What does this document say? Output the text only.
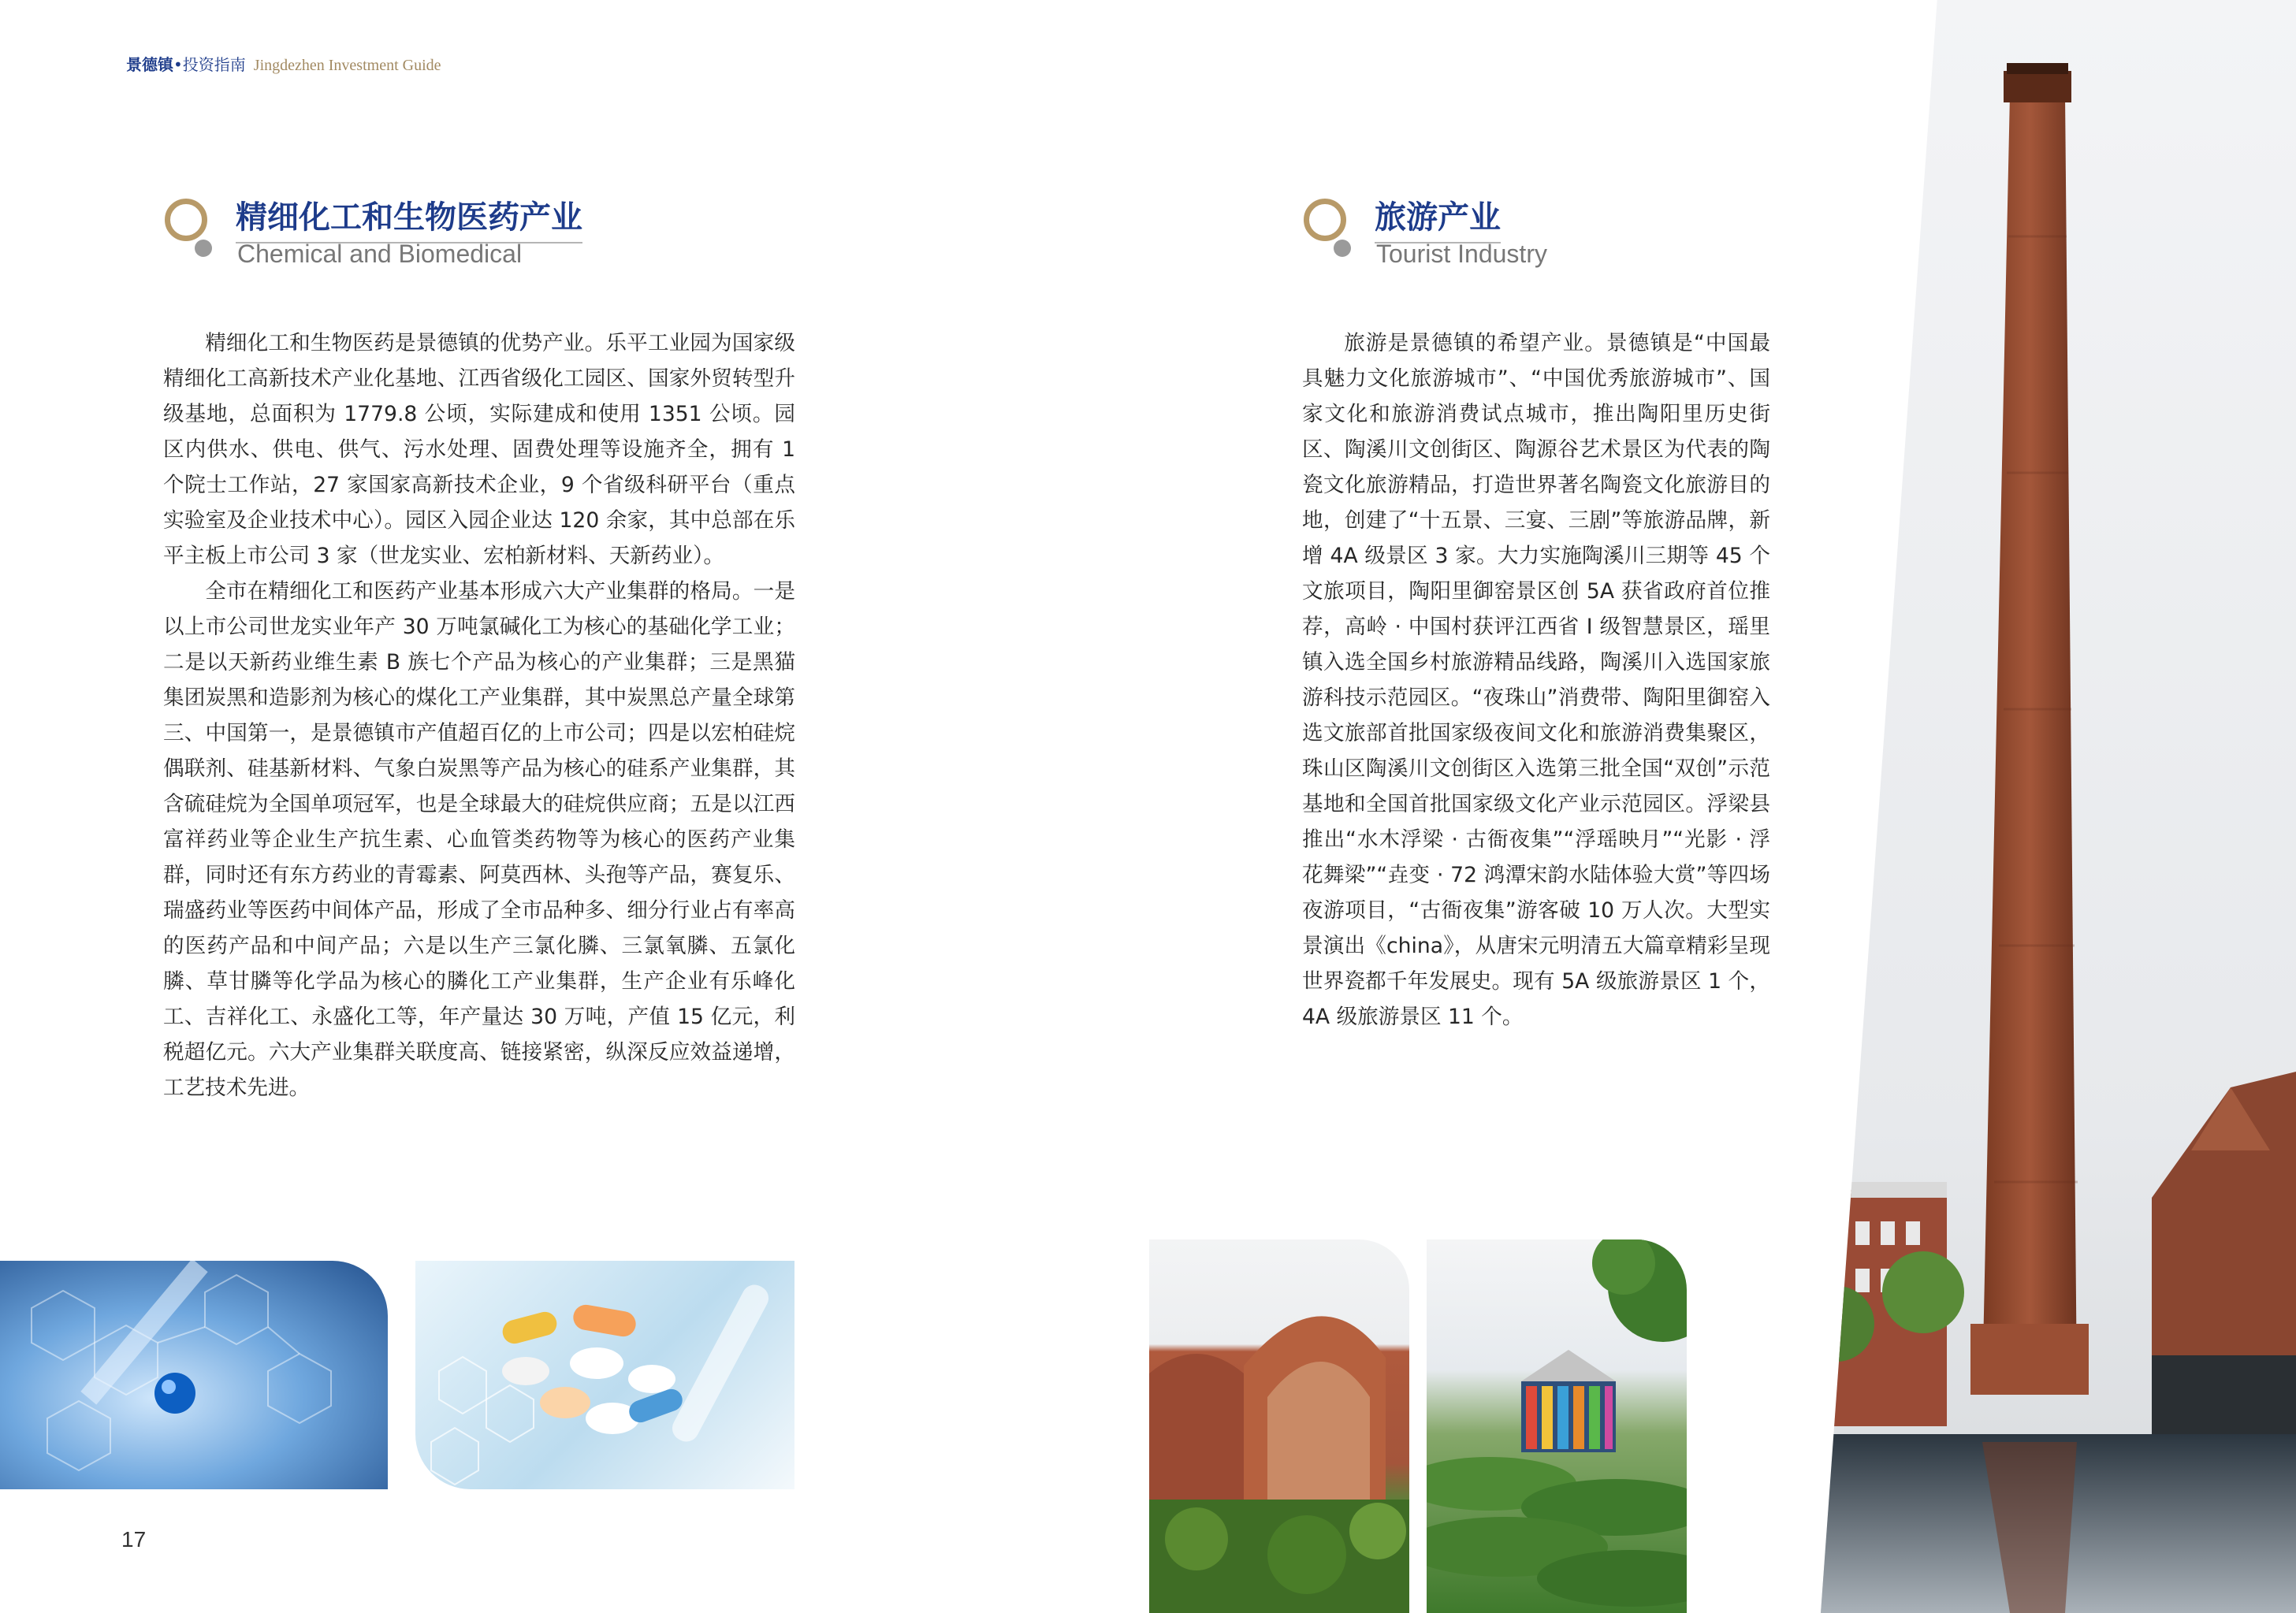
景德镇•投资指南 Jingdezhen Investment Guide
精细化工和生物医药产业
Chemical and Biomedical

精细化工和生物医药是景德镇的优势产业。乐平工业园为国家级精细化工高新技术产业化基地、江西省级化工园区、国家外贸转型升级基地，总面积为 1779.8 公顷，实际建成和使用 1351 公顷。园区内供水、供电、供气、污水处理、固费处理等设施齐全，拥有 1 个院士工作站，27 家国家高新技术企业，9 个省级科研平台（重点实验室及企业技术中心）。园区入园企业达 120 余家，其中总部在乐平主板上市公司 3 家（世龙实业、宏柏新材料、天新药业）。

全市在精细化工和医药产业基本形成六大产业集群的格局。一是以上市公司世龙实业年产 30 万吨氯碱化工为核心的基础化学工业；二是以天新药业维生素 B 族七个产品为核心的产业集群；三是黑猫集团炭黑和造影剂为核心的煤化工产业集群，其中炭黑总产量全球第三、中国第一，是景德镇市产值超百亿的上市公司；四是以宏柏硅烷偶联剂、硅基新材料、气象白炭黑等产品为核心的硅系产业集群，其含硫硅烷为全国单项冠军，也是全球最大的硅烷供应商；五是以江西富祥药业等企业生产抗生素、心血管类药物等为核心的医药产业集群，同时还有东方药业的青霉素、阿莫西林、头孢等产品，赛复乐、瑞盛药业等医药中间体产品，形成了全市品种多、细分行业占有率高的医药产品和中间产品；六是以生产三氯化膦、三氯氧膦、五氯化膦、草甘膦等化学品为核心的膦化工产业集群，生产企业有乐峰化工、吉祥化工、永盛化工等，年产量达 30 万吨，产值 15 亿元，利税超亿元。六大产业集群关联度高、链接紧密，纵深反应效益递增，工艺技术先进。

旅游产业
Tourist Industry

旅游是景德镇的希望产业。景德镇是“中国最具魅力文化旅游城市”、“中国优秀旅游城市”、国家文化和旅游消费试点城市，推出陶阳里历史街区、陶溪川文创街区、陶源谷艺术景区为代表的陶瓷文化旅游精品，打造世界著名陶瓷文化旅游目的地，创建了“十五景、三宴、三剧”等旅游品牌，新增 4A 级景区 3 家。大力实施陶溪川三期等 45 个文旅项目，陶阳里御窑景区创 5A 获省政府首位推荐，高岭 · 中国村获评江西省 I 级智慧景区，瑶里镇入选全国乡村旅游精品线路，陶溪川入选国家旅游科技示范园区。“夜珠山”消费带、陶阳里御窑入选文旅部首批国家级夜间文化和旅游消费集聚区，珠山区陶溪川文创街区入选第三批全国“双创”示范基地和全国首批国家级文化产业示范园区。浮梁县推出“水木浮梁 · 古衙夜集”“浮瑶映月”“光影 · 浮花舞梁”“垚变 · 72 鸿潭宋韵水陆体验大赏”等四场夜游项目，“古衙夜集”游客破 10 万人次。大型实景演出《china》，从唐宋元明清五大篇章精彩呈现世界瓷都千年发展史。现有 5A 级旅游景区 1 个，4A 级旅游景区 11 个。

17
